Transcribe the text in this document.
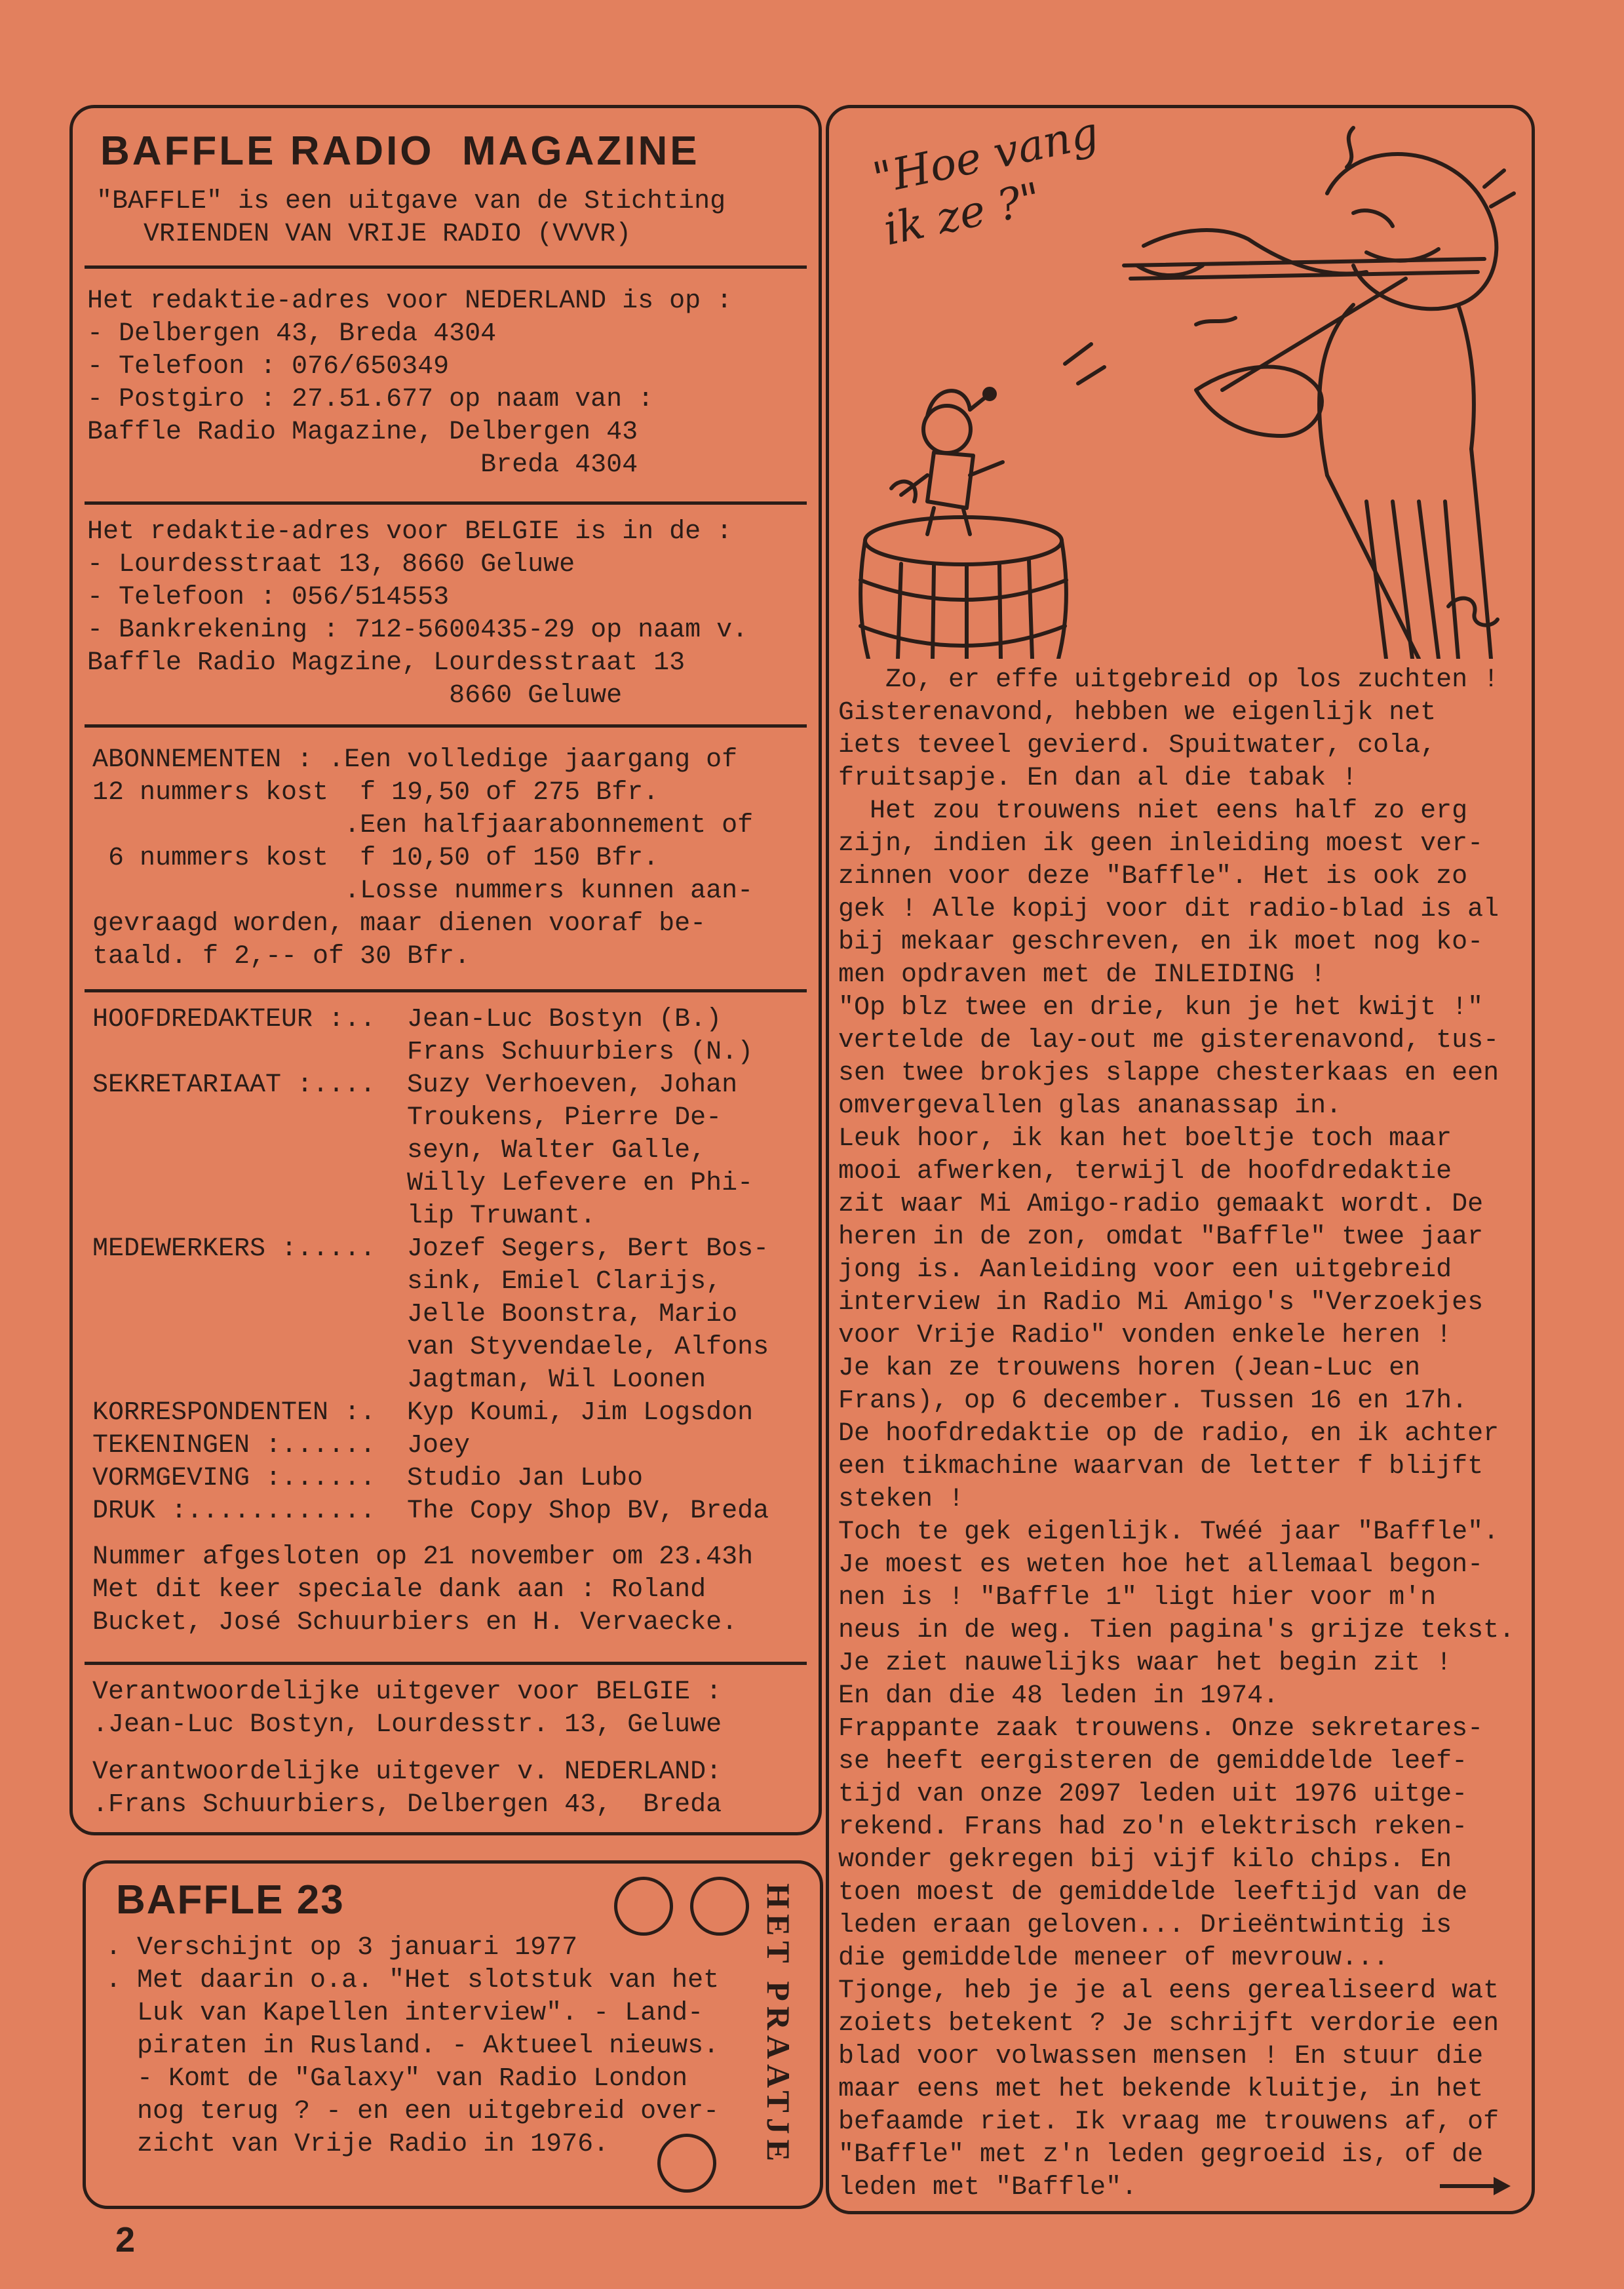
BAFFLE RADIO  MAGAZINE
"BAFFLE" is een uitgave van de Stichting
VRIENDEN VAN VRIJE RADIO (VVVR)
Het redaktie-adres voor NEDERLAND is op :
- Delbergen 43, Breda 4304
- Telefoon : 076/650349
- Postgiro : 27.51.677 op naam van :
Baffle Radio Magazine, Delbergen 43
Breda 4304
Het redaktie-adres voor BELGIE is in de :
- Lourdesstraat 13, 8660 Geluwe
- Telefoon : 056/514553
- Bankrekening : 712-5600435-29 op naam v.
Baffle Radio Magzine, Lourdesstraat 13
8660 Geluwe
ABONNEMENTEN : .Een volledige jaargang of
12 nummers kost  f 19,50 of 275 Bfr.
.Een halfjaarabonnement of
6 nummers kost  f 10,50 of 150 Bfr.
.Losse nummers kunnen aan-
gevraagd worden, maar dienen vooraf be-
taald. f 2,-- of 30 Bfr.
HOOFDREDAKTEUR :..	Jean-Luc Bostyn (B.)
Frans Schuurbiers (N.)
SEKRETARIAAT :....	Suzy Verhoeven, Johan
Troukens, Pierre De-
seyn, Walter Galle,
Willy Lefevere en Phi-
lip Truwant.
MEDEWERKERS :.....	Jozef Segers, Bert Bos-
sink, Emiel Clarijs,
Jelle Boonstra, Mario
van Styvendaele, Alfons
Jagtman, Wil Loonen
KORRESPONDENTEN :.	Kyp Koumi, Jim Logsdon
TEKENINGEN :......	Joey
VORMGEVING :......	Studio Jan Lubo
DRUK :............	The Copy Shop BV, Breda
Nummer afgesloten op 21 november om 23.43h
Met dit keer speciale dank aan : Roland
Bucket, José Schuurbiers en H. Vervaecke.
Verantwoordelijke uitgever voor BELGIE :
.Jean-Luc Bostyn, Lourdesstr. 13, Geluwe
Verantwoordelijke uitgever v. NEDERLAND:
.Frans Schuurbiers, Delbergen 43,  Breda
BAFFLE 23	HET PRAATJE
. Verschijnt op 3 januari 1977
. Met daarin o.a. "Het slotstuk van het
Luk van Kapellen interview". - Land-
piraten in Rusland. - Aktueel nieuws.
- Komt de "Galaxy" van Radio London
nog terug ? - en een uitgebreid over-
zicht van Vrije Radio in 1976.
"Hoe vang ik ze ?"
Zo, er effe uitgebreid op los zuchten !
Gisterenavond, hebben we eigenlijk net
iets teveel gevierd. Spuitwater, cola,
fruitsapje. En dan al die tabak !
Het zou trouwens niet eens half zo erg
zijn, indien ik geen inleiding moest ver-
zinnen voor deze "Baffle". Het is ook zo
gek ! Alle kopij voor dit radio-blad is al
bij mekaar geschreven, en ik moet nog ko-
men opdraven met de INLEIDING !
"Op blz twee en drie, kun je het kwijt !"
vertelde de lay-out me gisterenavond, tus-
sen twee brokjes slappe chesterkaas en een
omvergevallen glas ananassap in.
Leuk hoor, ik kan het boeltje toch maar
mooi afwerken, terwijl de hoofdredaktie
zit waar Mi Amigo-radio gemaakt wordt. De
heren in de zon, omdat "Baffle" twee jaar
jong is. Aanleiding voor een uitgebreid
interview in Radio Mi Amigo's "Verzoekjes
voor Vrije Radio" vonden enkele heren !
Je kan ze trouwens horen (Jean-Luc en
Frans), op 6 december. Tussen 16 en 17h.
De hoofdredaktie op de radio, en ik achter
een tikmachine waarvan de letter f blijft
steken !
Toch te gek eigenlijk. Twéé jaar "Baffle".
Je moest es weten hoe het allemaal begon-
nen is ! "Baffle 1" ligt hier voor m'n
neus in de weg. Tien pagina's grijze tekst.
Je ziet nauwelijks waar het begin zit !
En dan die 48 leden in 1974.
Frappante zaak trouwens. Onze sekretares-
se heeft eergisteren de gemiddelde leef-
tijd van onze 2097 leden uit 1976 uitge-
rekend. Frans had zo'n elektrisch reken-
wonder gekregen bij vijf kilo chips. En
toen moest de gemiddelde leeftijd van de
leden eraan geloven... Drieëntwintig is
die gemiddelde meneer of mevrouw...
Tjonge, heb je je al eens gerealiseerd wat
zoiets betekent ? Je schrijft verdorie een
blad voor volwassen mensen ! En stuur die
maar eens met het bekende kluitje, in het
befaamde riet. Ik vraag me trouwens af, of
"Baffle" met z'n leden gegroeid is, of de
leden met "Baffle".
2
